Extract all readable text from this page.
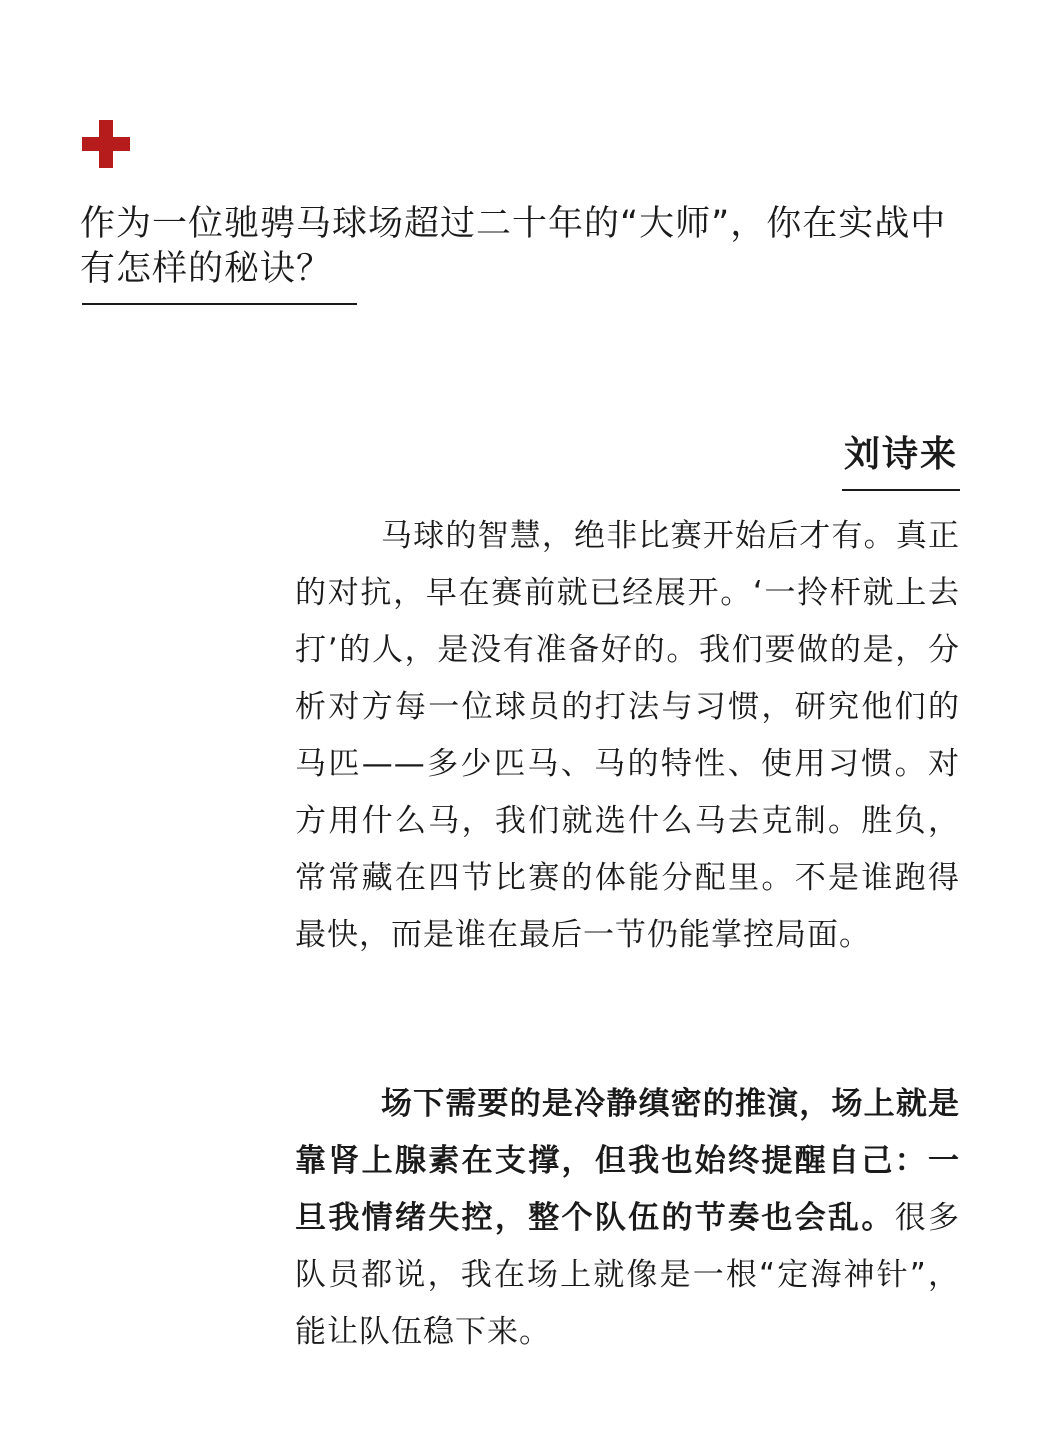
作为一位驰骋马球场超过二十年的“大师”，你在实战中有怎样的秘诀？
刘诗来

马球的智慧，绝非比赛开始后才有。真正的对抗，早在赛前就已经展开。‘一拎杆就上去打’的人，是没有准备好的。我们要做的是，分析对方每一位球员的打法与习惯，研究他们的马匹——多少匹马、马的特性、使用习惯。对方用什么马，我们就选什么马去克制。胜负，常常藏在四节比赛的体能分配里。不是谁跑得最快，而是谁在最后一节仍能掌控局面。

场下需要的是冷静缜密的推演，场上就是靠肾上腺素在支撑，但我也始终提醒自己：一旦我情绪失控，整个队伍的节奏也会乱。很多队员都说，我在场上就像是一根“定海神针”，能让队伍稳下来。
